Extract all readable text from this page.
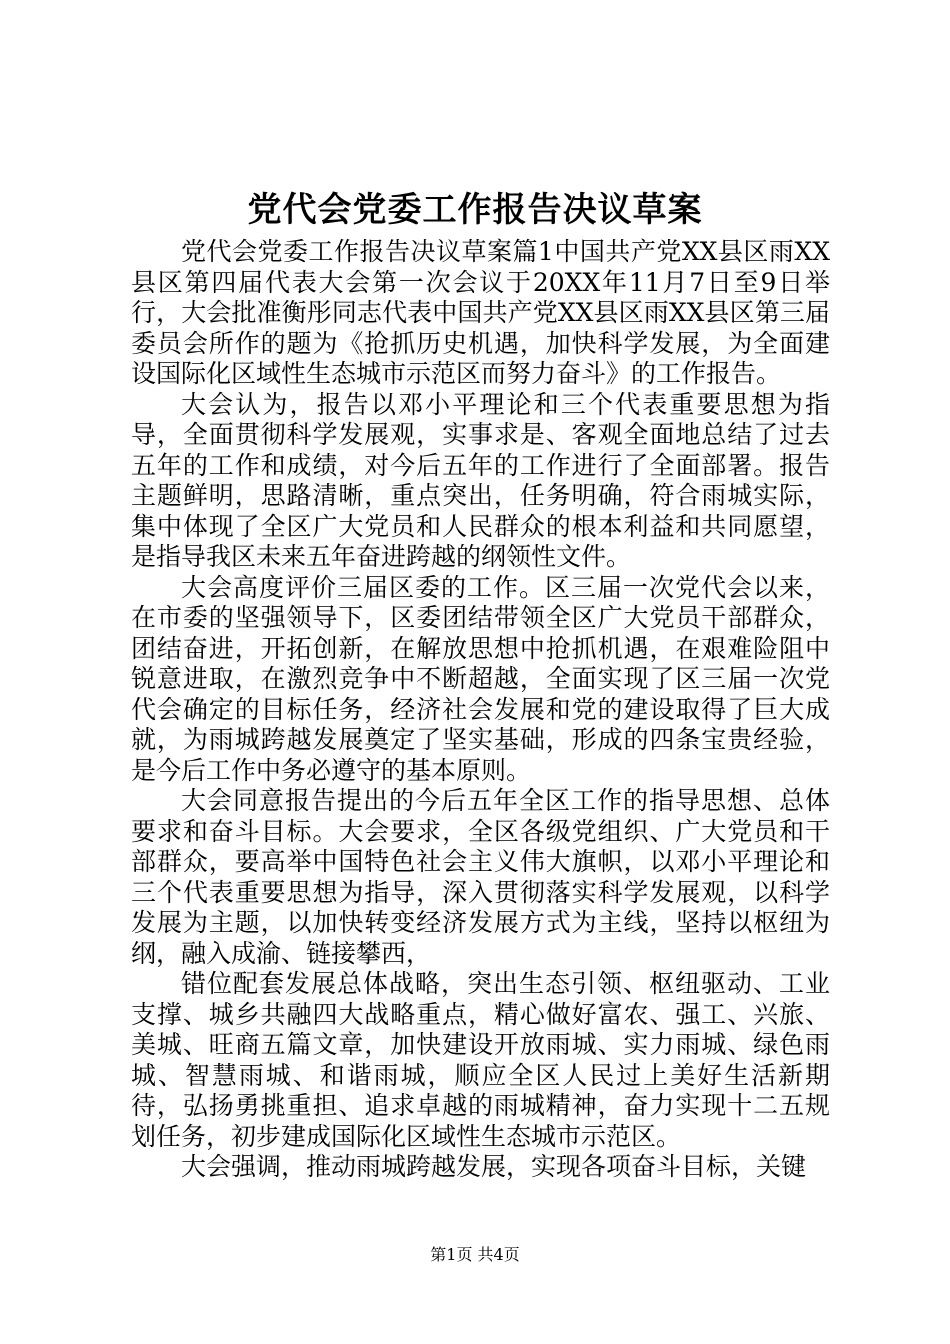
党代会党委工作报告决议草案

党代会党委工作报告决议草案篇1中国共产党XX县区雨XX县区第四届代表大会第一次会议于20XX年11月7日至9日举行，大会批准衡彤同志代表中国共产党XX县区雨XX县区第三届委员会所作的题为《抢抓历史机遇，加快科学发展，为全面建设国际化区域性生态城市示范区而努力奋斗》的工作报告。

大会认为，报告以邓小平理论和三个代表重要思想为指导，全面贯彻科学发展观，实事求是、客观全面地总结了过去五年的工作和成绩，对今后五年的工作进行了全面部署。报告主题鲜明，思路清晰，重点突出，任务明确，符合雨城实际，集中体现了全区广大党员和人民群众的根本利益和共同愿望，是指导我区未来五年奋进跨越的纲领性文件。

大会高度评价三届区委的工作。区三届一次党代会以来，在市委的坚强领导下，区委团结带领全区广大党员干部群众，团结奋进，开拓创新，在解放思想中抢抓机遇，在艰难险阻中锐意进取，在激烈竞争中不断超越，全面实现了区三届一次党代会确定的目标任务，经济社会发展和党的建设取得了巨大成就，为雨城跨越发展奠定了坚实基础，形成的四条宝贵经验，是今后工作中务必遵守的基本原则。

大会同意报告提出的今后五年全区工作的指导思想、总体要求和奋斗目标。大会要求，全区各级党组织、广大党员和干部群众，要高举中国特色社会主义伟大旗帜，以邓小平理论和三个代表重要思想为指导，深入贯彻落实科学发展观，以科学发展为主题，以加快转变经济发展方式为主线，坚持以枢纽为纲，融入成渝、链接攀西，

错位配套发展总体战略，突出生态引领、枢纽驱动、工业支撑、城乡共融四大战略重点，精心做好富农、强工、兴旅、美城、旺商五篇文章，加快建设开放雨城、实力雨城、绿色雨城、智慧雨城、和谐雨城，顺应全区人民过上美好生活新期待，弘扬勇挑重担、追求卓越的雨城精神，奋力实现十二五规划任务，初步建成国际化区域性生态城市示范区。

大会强调，推动雨城跨越发展，实现各项奋斗目标，关键

第1页 共4页
